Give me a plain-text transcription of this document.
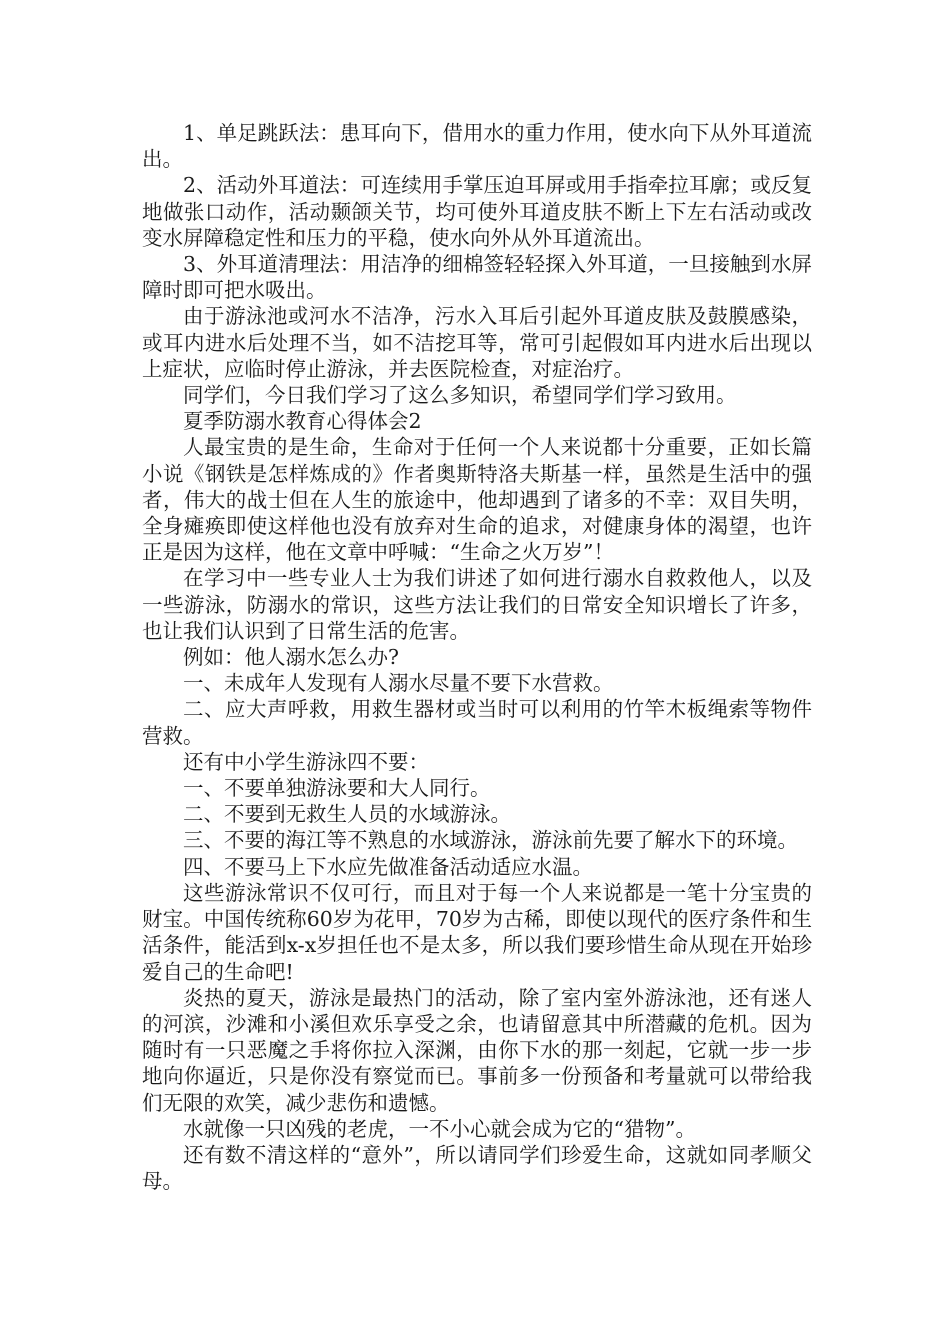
1、单足跳跃法：患耳向下，借用水的重力作用，使水向下从外耳道流出。

2、活动外耳道法：可连续用手掌压迫耳屏或用手指牵拉耳廓；或反复地做张口动作，活动颞颌关节，均可使外耳道皮肤不断上下左右活动或改变水屏障稳定性和压力的平稳，使水向外从外耳道流出。

3、外耳道清理法：用洁净的细棉签轻轻探入外耳道，一旦接触到水屏障时即可把水吸出。

由于游泳池或河水不洁净，污水入耳后引起外耳道皮肤及鼓膜感染，或耳内进水后处理不当，如不洁挖耳等，常可引起假如耳内进水后出现以上症状，应临时停止游泳，并去医院检查，对症治疗。

同学们，今日我们学习了这么多知识，希望同学们学习致用。

夏季防溺水教育心得体会2

人最宝贵的是生命，生命对于任何一个人来说都十分重要，正如长篇小说《钢铁是怎样炼成的》作者奥斯特洛夫斯基一样，虽然是生活中的强者，伟大的战士但在人生的旅途中，他却遇到了诸多的不幸：双目失明，全身瘫痪即使这样他也没有放弃对生命的追求，对健康身体的渴望，也许正是因为这样，他在文章中呼喊：“生命之火万岁”！

在学习中一些专业人士为我们讲述了如何进行溺水自救救他人，以及一些游泳，防溺水的常识，这些方法让我们的日常安全知识增长了许多，也让我们认识到了日常生活的危害。

例如：他人溺水怎么办?

一、未成年人发现有人溺水尽量不要下水营救。

二、应大声呼救，用救生器材或当时可以利用的竹竿木板绳索等物件营救。

还有中小学生游泳四不要：

一、不要单独游泳要和大人同行。

二、不要到无救生人员的水域游泳。

三、不要的海江等不熟息的水域游泳，游泳前先要了解水下的环境。

四、不要马上下水应先做准备活动适应水温。

这些游泳常识不仅可行，而且对于每一个人来说都是一笔十分宝贵的财宝。中国传统称60岁为花甲，70岁为古稀，即使以现代的医疗条件和生活条件，能活到x-x岁担任也不是太多，所以我们要珍惜生命从现在开始珍爱自己的生命吧!

炎热的夏天，游泳是最热门的活动，除了室内室外游泳池，还有迷人的河滨，沙滩和小溪但欢乐享受之余，也请留意其中所潜藏的危机。因为随时有一只恶魔之手将你拉入深渊，由你下水的那一刻起，它就一步一步地向你逼近，只是你没有察觉而已。事前多一份预备和考量就可以带给我们无限的欢笑，减少悲伤和遗憾。

水就像一只凶残的老虎，一不小心就会成为它的“猎物”。

还有数不清这样的“意外”，所以请同学们珍爱生命，这就如同孝顺父母。
